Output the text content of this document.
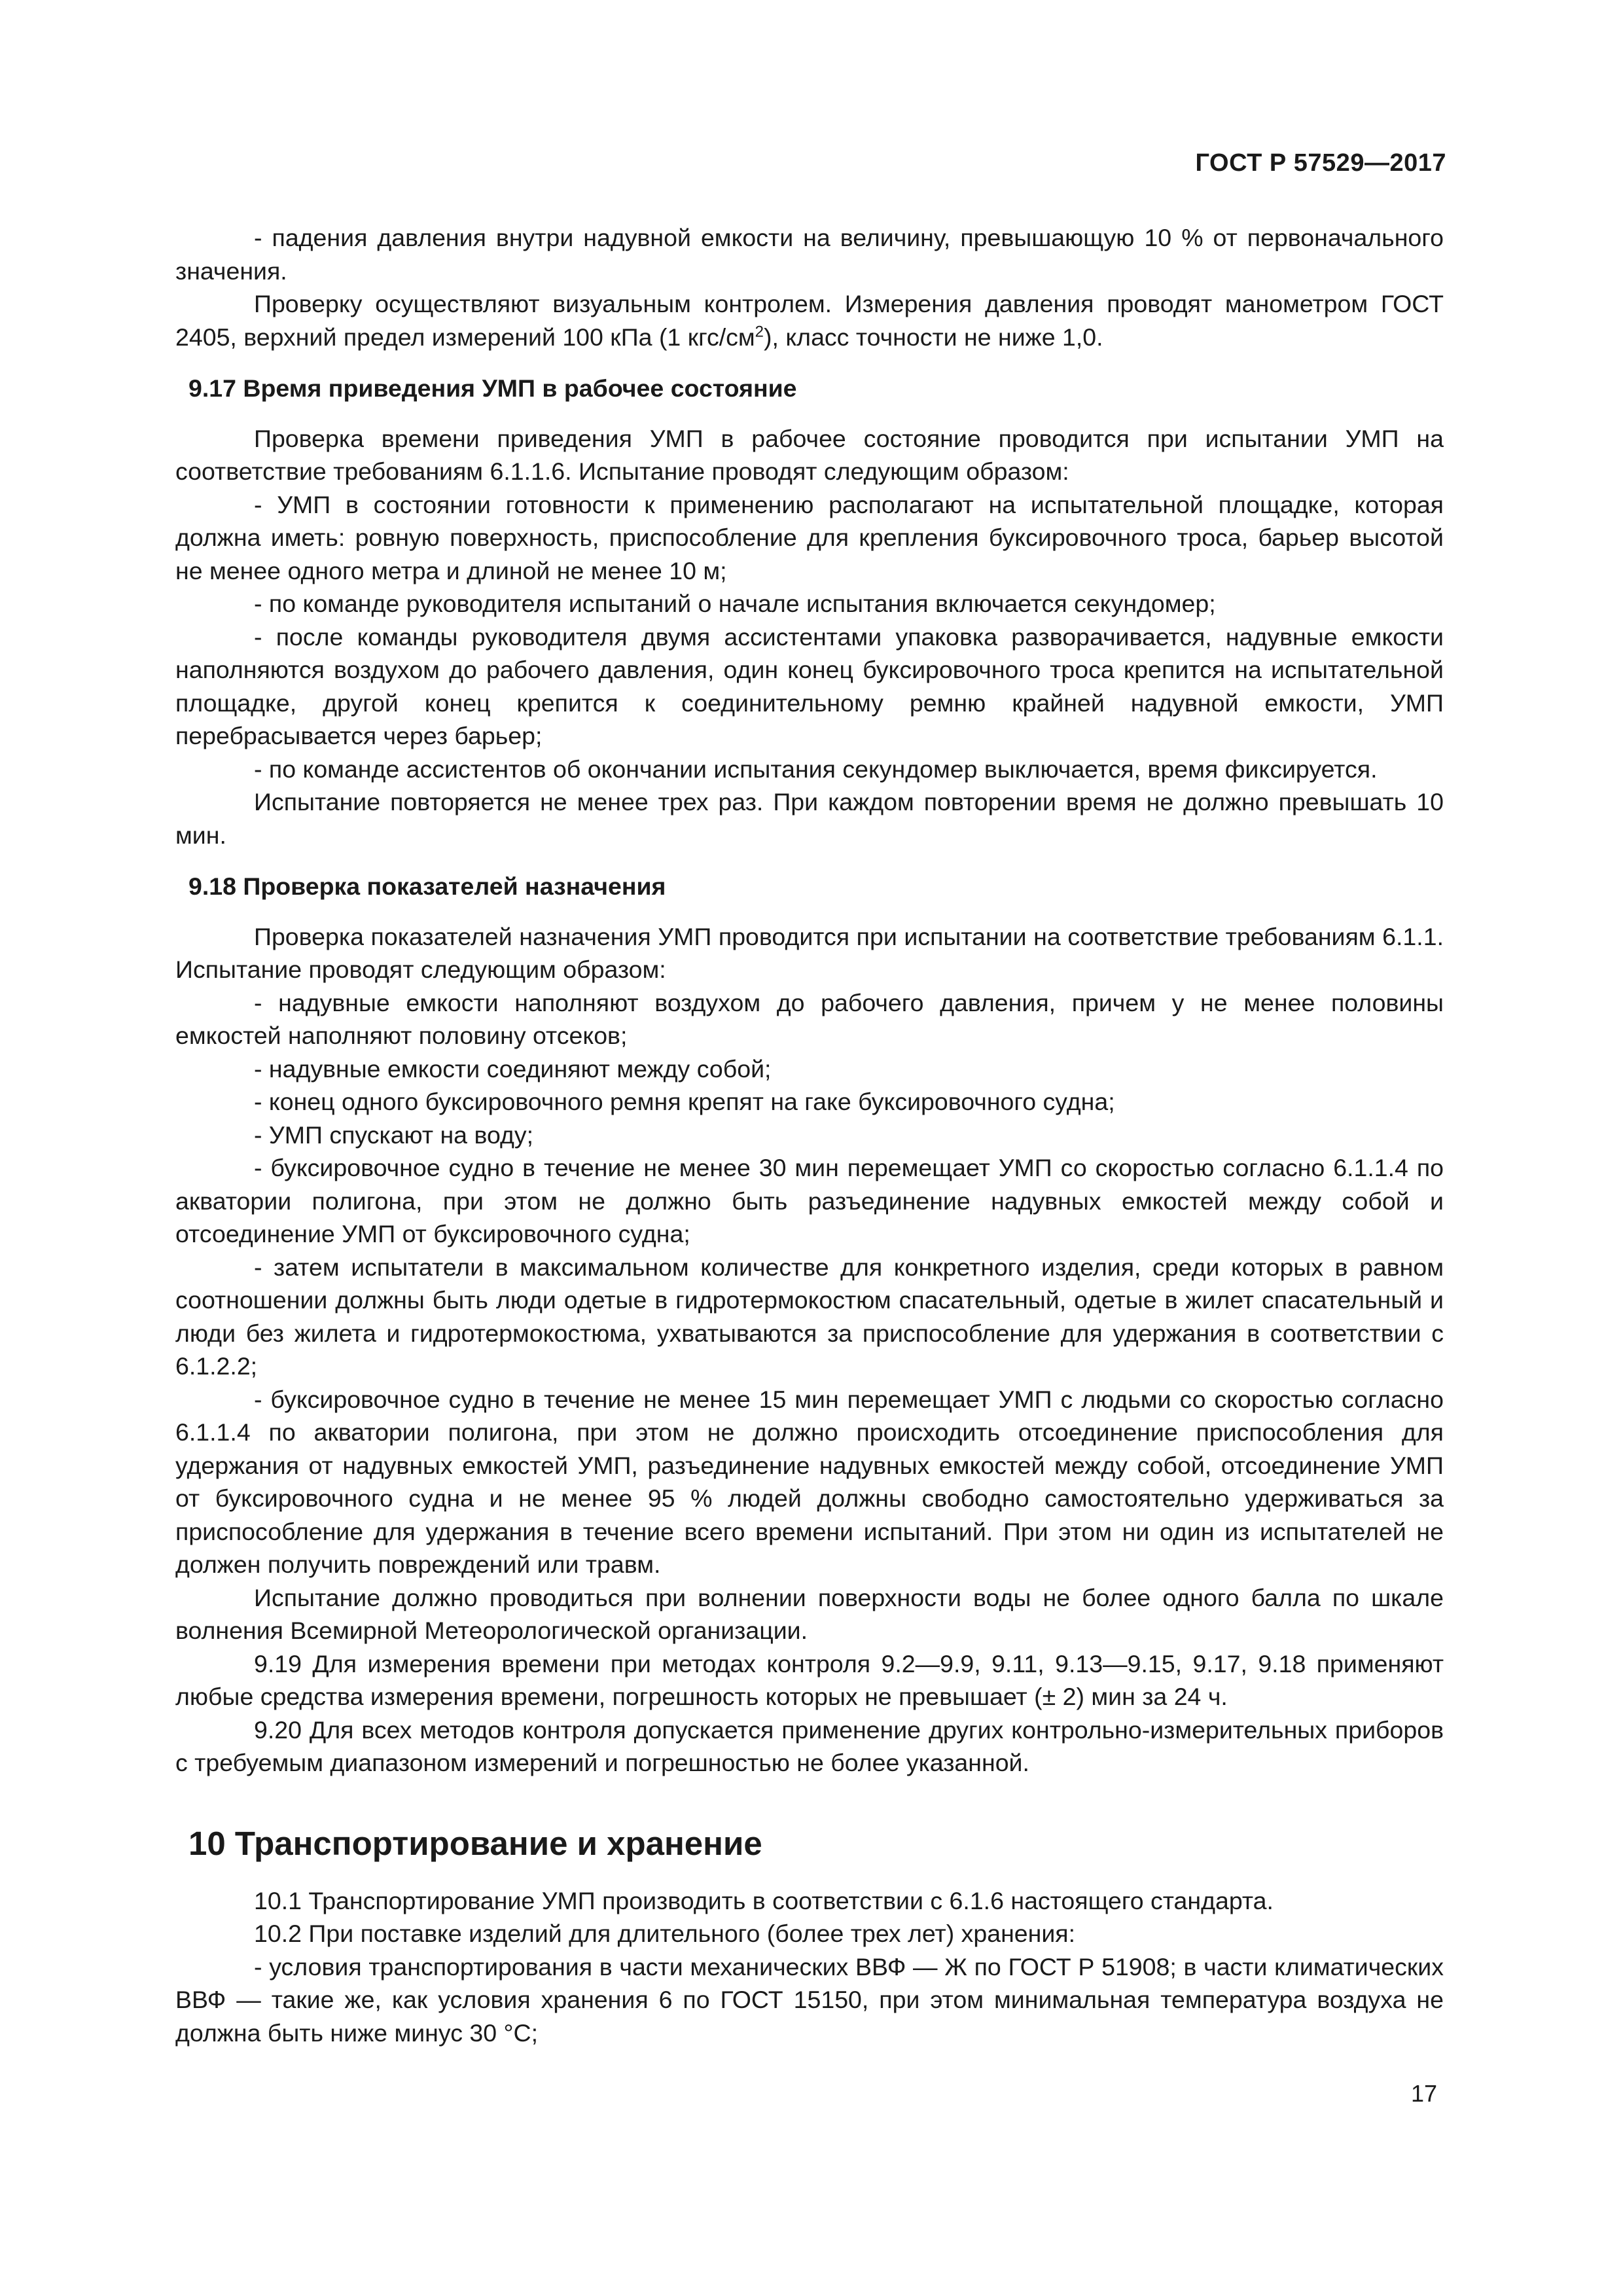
ГОСТ Р 57529—2017

- падения давления внутри надувной емкости на величину, превышающую 10 % от первоначального значения.

Проверку осуществляют визуальным контролем. Измерения давления проводят манометром ГОСТ 2405, верхний предел измерений 100 кПа (1 кгс/$см^2$), класс точности не ниже 1,0.

9.17 Время приведения УМП в рабочее состояние

Проверка времени приведения УМП в рабочее состояние проводится при испытании УМП на соответствие требованиям 6.1.1.6. Испытание проводят следующим образом:

- УМП в состоянии готовности к применению располагают на испытательной площадке, которая должна иметь: ровную поверхность, приспособление для крепления буксировочного троса, барьер высотой не менее одного метра и длиной не менее 10 м;

- по команде руководителя испытаний о начале испытания включается секундомер;

- после команды руководителя двумя ассистентами упаковка разворачивается, надувные емкости наполняются воздухом до рабочего давления, один конец буксировочного троса крепится на испытательной площадке, другой конец крепится к соединительному ремню крайней надувной емкости, УМП перебрасывается через барьер;

- по команде ассистентов об окончании испытания секундомер выключается, время фиксируется.

Испытание повторяется не менее трех раз. При каждом повторении время не должно превышать 10 мин.

9.18 Проверка показателей назначения

Проверка показателей назначения УМП проводится при испытании на соответствие требованиям 6.1.1. Испытание проводят следующим образом:

- надувные емкости наполняют воздухом до рабочего давления, причем у не менее половины емкостей наполняют половину отсеков;

- надувные емкости соединяют между собой;

- конец одного буксировочного ремня крепят на гаке буксировочного судна;

- УМП спускают на воду;

- буксировочное судно в течение не менее 30 мин перемещает УМП со скоростью согласно 6.1.1.4 по акватории полигона, при этом не должно быть разъединение надувных емкостей между собой и отсоединение УМП от буксировочного судна;

- затем испытатели в максимальном количестве для конкретного изделия, среди которых в равном соотношении должны быть люди одетые в гидротермокостюм спасательный, одетые в жилет спасательный и люди без жилета и гидротермокостюма, ухватываются за приспособление для удержания в соответствии с 6.1.2.2;

- буксировочное судно в течение не менее 15 мин перемещает УМП с людьми со скоростью согласно 6.1.1.4 по акватории полигона, при этом не должно происходить отсоединение приспособления для удержания от надувных емкостей УМП, разъединение надувных емкостей между собой, отсоединение УМП от буксировочного судна и не менее 95 % людей должны свободно самостоятельно удерживаться за приспособление для удержания в течение всего времени испытаний. При этом ни один из испытателей не должен получить повреждений или травм.

Испытание должно проводиться при волнении поверхности воды не более одного балла по шкале волнения Всемирной Метеорологической организации.

9.19 Для измерения времени при методах контроля 9.2—9.9, 9.11, 9.13—9.15, 9.17, 9.18 применяют любые средства измерения времени, погрешность которых не превышает (± 2) мин за 24 ч.

9.20 Для всех методов контроля допускается применение других контрольно-измерительных приборов с требуемым диапазоном измерений и погрешностью не более указанной.

10 Транспортирование и хранение

10.1 Транспортирование УМП производить в соответствии с 6.1.6 настоящего стандарта.

10.2 При поставке изделий для длительного (более трех лет) хранения:

- условия транспортирования в части механических ВВФ — Ж по ГОСТ Р 51908; в части климатических ВВФ — такие же, как условия хранения 6 по ГОСТ 15150, при этом минимальная температура воздуха не должна быть ниже минус 30 °С;

17
